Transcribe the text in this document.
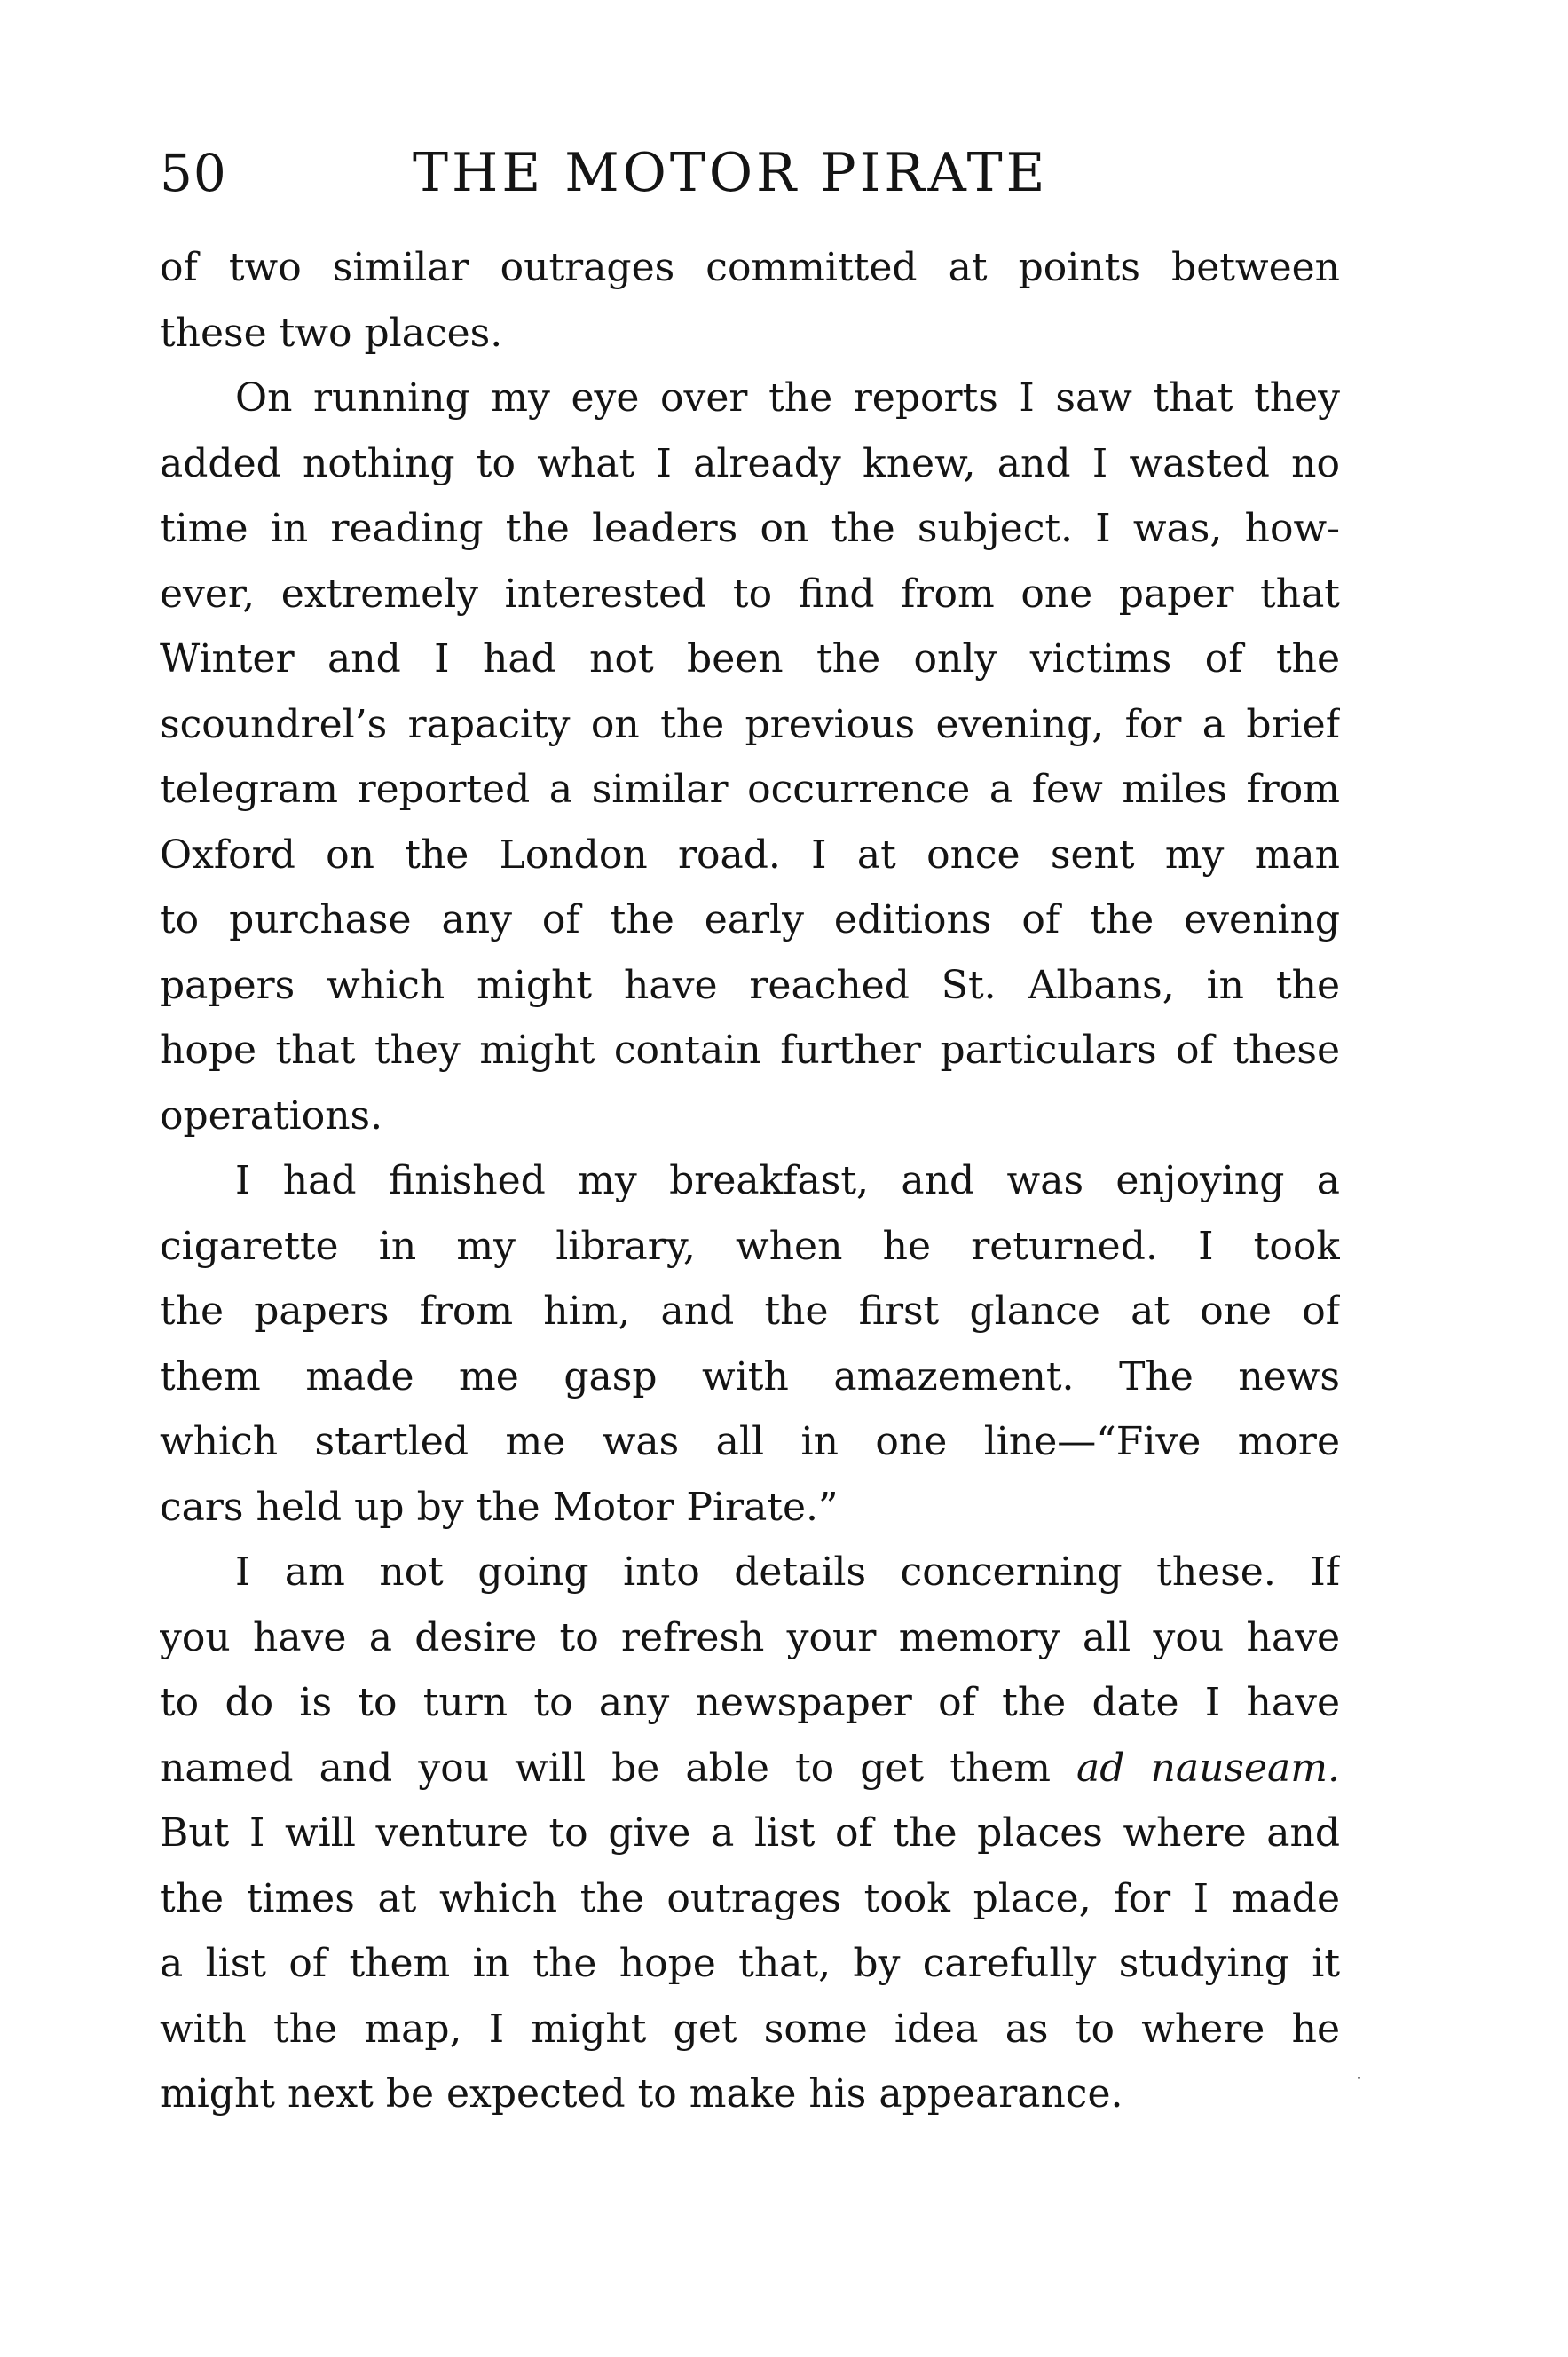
50	THE MOTOR PIRATE
of two similar outrages committed at points between
these two places.
On running my eye over the reports I saw that they
added nothing to what I already knew, and I wasted no
time in reading the leaders on the subject. I was, how-
ever, extremely interested to find from one paper that
Winter and I had not been the only victims of the
scoundrel’s rapacity on the previous evening, for a brief
telegram reported a similar occurrence a few miles from
Oxford on the London road. I at once sent my man
to purchase any of the early editions of the evening
papers which might have reached St. Albans, in the
hope that they might contain further particulars of these
operations.
I had finished my breakfast, and was enjoying a
cigarette in my library, when he returned. I took
the papers from him, and the first glance at one of
them made me gasp with amazement. The news
which startled me was all in one line—“Five more
cars held up by the Motor Pirate.”
I am not going into details concerning these. If
you have a desire to refresh your memory all you have
to do is to turn to any newspaper of the date I have
named and you will be able to get them ad nauseam.
But I will venture to give a list of the places where and
the times at which the outrages took place, for I made
a list of them in the hope that, by carefully studying it
with the map, I might get some idea as to where he
might next be expected to make his appearance.
